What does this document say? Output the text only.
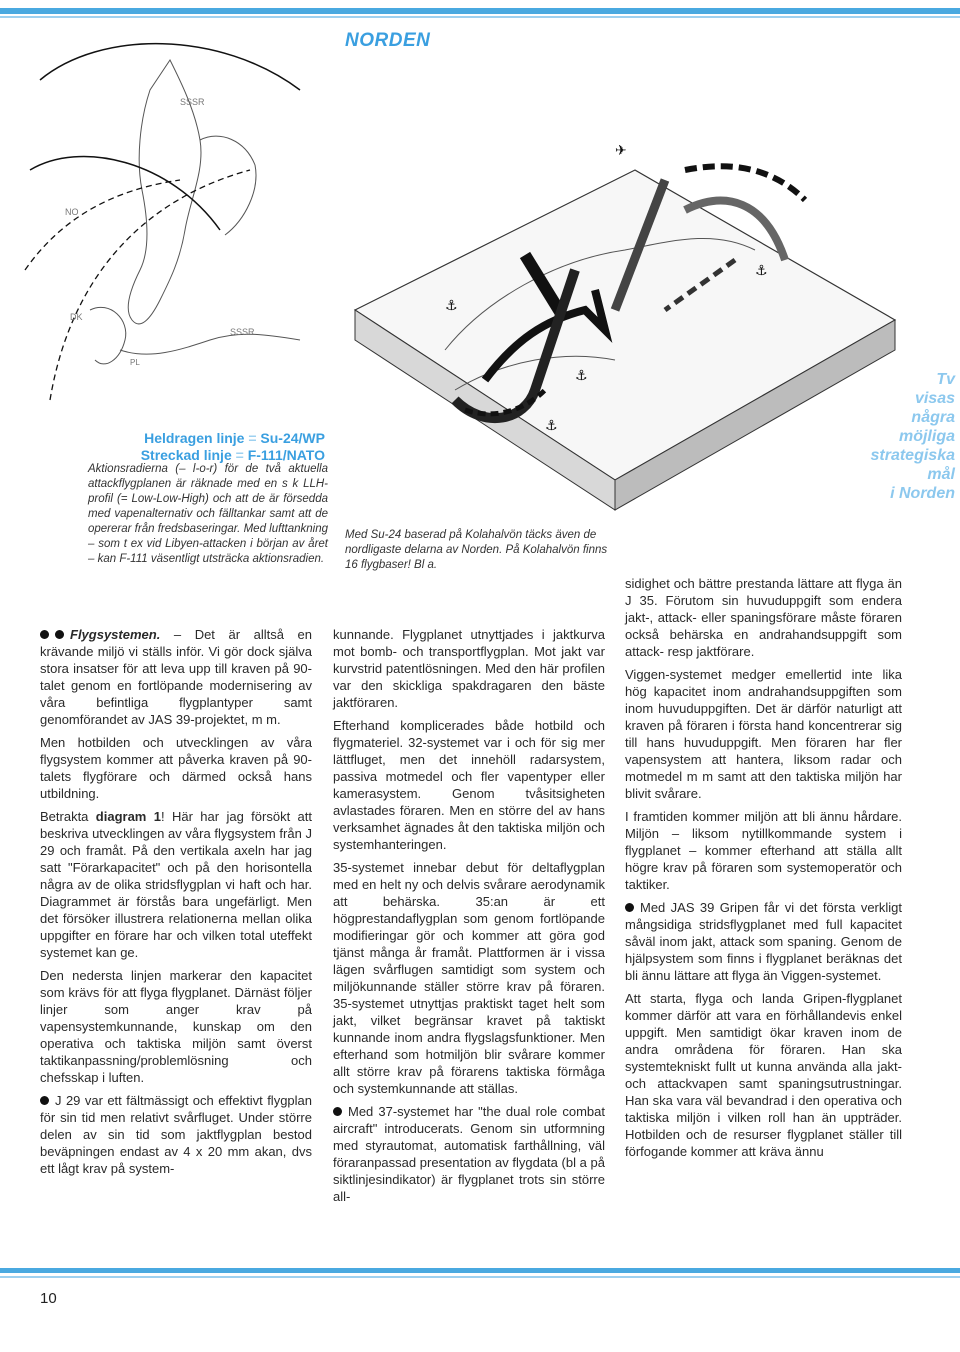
NORDEN
SSSR
SSSR
NO
DK
PL
Heldragen linje = Su-24/WP
Streckad linje = F-111/NATO
⚓
⚓
⚓
⚓
✈
Tv
visas
några
möjliga
strategiska
mål
i Norden
Aktionsradierna (– l-o-r) för de två aktuella attackflygplanen är räknade med en s k LLH-profil (= Low-Low-High) och att de är försedda med vapenalternativ och fälltankar samt att de opererar från fredsbaseringar. Med lufttankning – som t ex vid Libyen-attacken i början av året – kan F-111 väsentligt utsträcka aktionsradien.
Med Su-24 baserad på Kolahalvön täcks även de nordligaste delarna av Norden. På Kolahalvön finns 16 flygbaser! Bl a.

Flygsystemen. – Det är alltså en krävande miljö vi ställs inför. Vi gör dock själva stora insatser för att leva upp till kraven på 90-talet genom en fortlöpande modernisering av våra befintliga flygplantyper samt genomförandet av JAS 39-projektet, m m.

Men hotbilden och utvecklingen av våra flygsystem kommer att påverka kraven på 90-talets flygförare och därmed också hans utbildning.

Betrakta diagram 1! Här har jag försökt att beskriva utvecklingen av våra flygsystem från J 29 och framåt. På den vertikala axeln har jag satt "Förarkapacitet" och på den horisontella några av de olika stridsflygplan vi haft och har. Diagrammet är förstås bara ungefärligt. Men det försöker illustrera relationerna mellan olika uppgifter en förare har och vilken total uteffekt systemet kan ge.

Den nedersta linjen markerar den kapacitet som krävs för att flyga flygplanet. Därnäst följer linjer som anger krav på vapensystemkunnande, kunskap om den operativa och taktiska miljön samt överst taktikanpassning/problemlösning och chefsskap i luften.

J 29 var ett fältmässigt och effektivt flygplan för sin tid men relativt svårfluget. Under större delen av sin tid som jaktflygplan bestod beväpningen endast av 4 x 20 mm akan, dvs ett lågt krav på system-

kunnande. Flygplanet utnyttjades i jaktkurva mot bomb- och transportflygplan. Mot jakt var kurvstrid patentlösningen. Med den här profilen var den skickliga spakdragaren den bäste jaktföraren.

Efterhand komplicerades både hotbild och flygmateriel. 32-systemet var i och för sig mer lättfluget, men det innehöll radarsystem, passiva motmedel och fler vapentyper eller kamerasystem. Genom tvåsitsigheten avlastades föraren. Men en större del av hans verksamhet ägnades åt den taktiska miljön och systemhanteringen.

35-systemet innebar debut för deltaflygplan med en helt ny och delvis svårare aerodynamik att behärska. 35:an är ett högprestandaflygplan som genom fortlöpande modifieringar gör och kommer att göra god tjänst många år framåt. Plattformen är i vissa lägen svårflugen samtidigt som system och miljökunnande ställer större krav på föraren. 35-systemet utnyttjas praktiskt taget helt som jakt, vilket begränsar kravet på taktiskt kunnande inom andra flygslagsfunktioner. Men efterhand som hotmiljön blir svårare kommer allt större krav på förarens taktiska förmåga och systemkunnande att ställas.

Med 37-systemet har "the dual role combat aircraft" introducerats. Genom sin utformning med styrautomat, automatisk farthållning, väl föraranpassad presentation av flygdata (bl a på siktlinjesindikator) är flygplanet trots sin större all-

sidighet och bättre prestanda lättare att flyga än J 35. Förutom sin huvuduppgift som endera jakt-, attack- eller spaningsförare måste föraren också behärska en andrahandsuppgift som attack- resp jaktförare.

Viggen-systemet medger emellertid inte lika hög kapacitet inom andrahandsuppgiften som inom huvuduppgiften. Det är därför naturligt att kraven på föraren i första hand koncentrerar sig till hans huvuduppgift. Men föraren har fler vapensystem att hantera, liksom radar och motmedel m m samt att den taktiska miljön har blivit svårare.

I framtiden kommer miljön att bli ännu hårdare. Miljön – liksom nytillkommande system i flygplanet – kommer efterhand att ställa allt högre krav på föraren som systemoperatör och taktiker.

Med JAS 39 Gripen får vi det första verkligt mångsidiga stridsflygplanet med full kapacitet såväl inom jakt, attack som spaning. Genom de hjälpsystem som finns i flygplanet beräknas det bli ännu lättare att flyga än Viggen-systemet.

Att starta, flyga och landa Gripen-flygplanet kommer därför att vara en förhållandevis enkel uppgift. Men samtidigt ökar kraven inom de andra områdena för föraren. Han ska systemtekniskt fullt ut kunna använda alla jakt- och attackvapen samt spaningsutrustningar. Han ska vara väl bevandrad i den operativa och taktiska miljön i vilken roll han än uppträder. Hotbilden och de resurser flygplanet ställer till förfogande kommer att kräva ännu

10
